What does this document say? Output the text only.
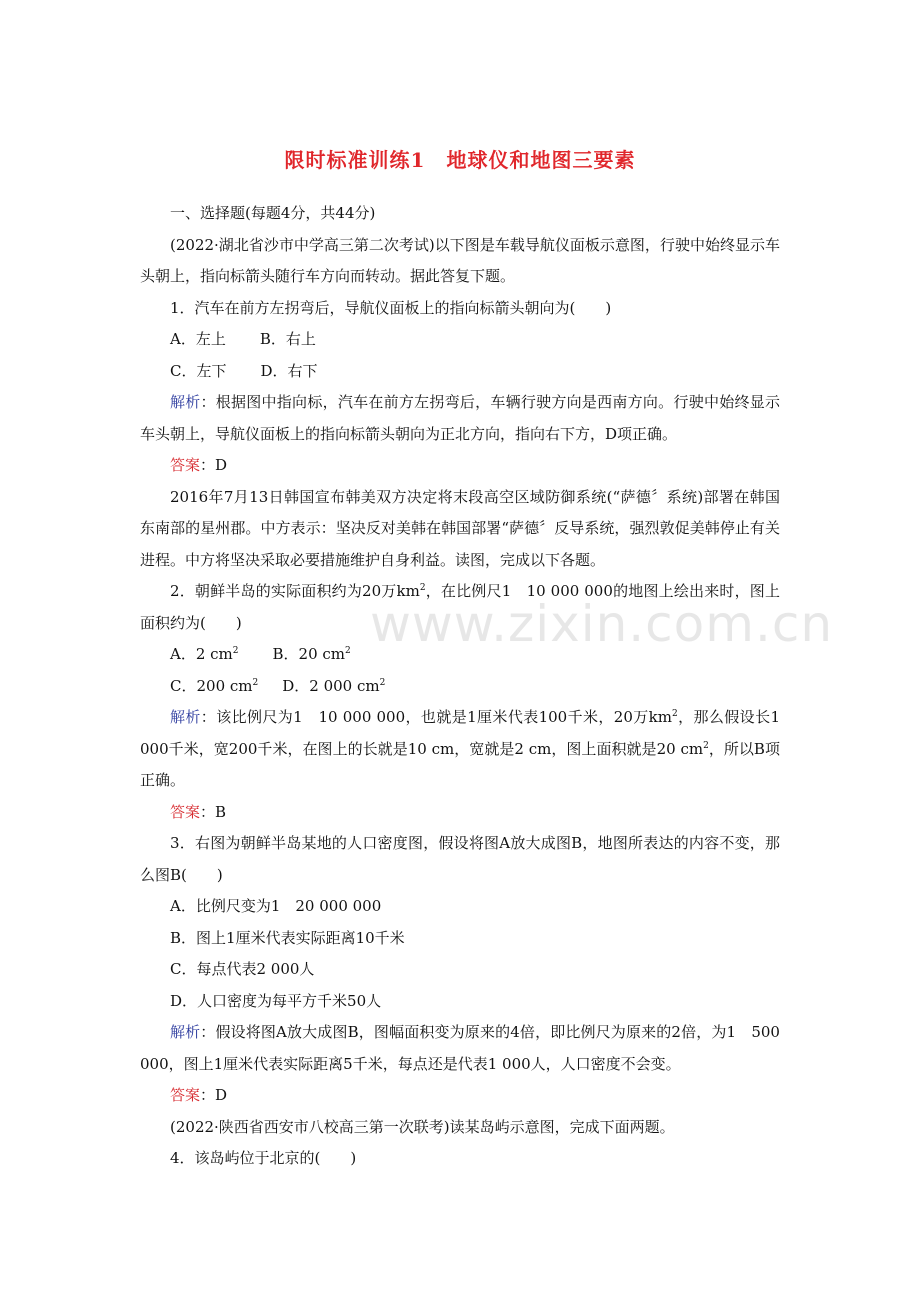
限时标准训练1　地球仪和地图三要素
www.zixin.com.cn

一、选择题(每题4分，共44分)

(2022·湖北省沙市中学高三第二次考试)以下图是车载导航仪面板示意图，行驶中始终显示车头朝上，指向标箭头随行车方向而转动。据此答复下题。

1．汽车在前方左拐弯后，导航仪面板上的指向标箭头朝向为(　　)

A．左上 B．右上

C．左下 D．右下

解析：根据图中指向标，汽车在前方左拐弯后，车辆行驶方向是西南方向。行驶中始终显示车头朝上，导航仪面板上的指向标箭头朝向为正北方向，指向右下方，D项正确。

答案：D

2016年7月13日韩国宣布韩美双方决定将末段高空区域防御系统(“萨德〞系统)部署在韩国东南部的星州郡。中方表示：坚决反对美韩在韩国部署“萨德〞反导系统，强烈敦促美韩停止有关进程。中方将坚决采取必要措施维护自身利益。读图，完成以下各题。

2．朝鲜半岛的实际面积约为20万$km^2$，在比例尺1　10 000 000的地图上绘出来时，图上面积约为(　　)

A．2 $cm^2$ B．20 $cm^2$

C．200 $cm^2$ D．2 000 $cm^2$

解析：该比例尺为1　10 000 000，也就是1厘米代表100千米，20万$km^2$，那么假设长1 000千米，宽200千米，在图上的长就是10 cm，宽就是2 cm，图上面积就是20 $cm^2$，所以B项正确。

答案：B

3．右图为朝鲜半岛某地的人口密度图，假设将图A放大成图B，地图所表达的内容不变，那么图B(　　)

A．比例尺变为1　20 000 000

B．图上1厘米代表实际距离10千米

C．每点代表2 000人

D．人口密度为每平方千米50人

解析：假设将图A放大成图B，图幅面积变为原来的4倍，即比例尺为原来的2倍，为1　500 000，图上1厘米代表实际距离5千米，每点还是代表1 000人，人口密度不会变。

答案：D

(2022·陕西省西安市八校高三第一次联考)读某岛屿示意图，完成下面两题。

4．该岛屿位于北京的(　　)
